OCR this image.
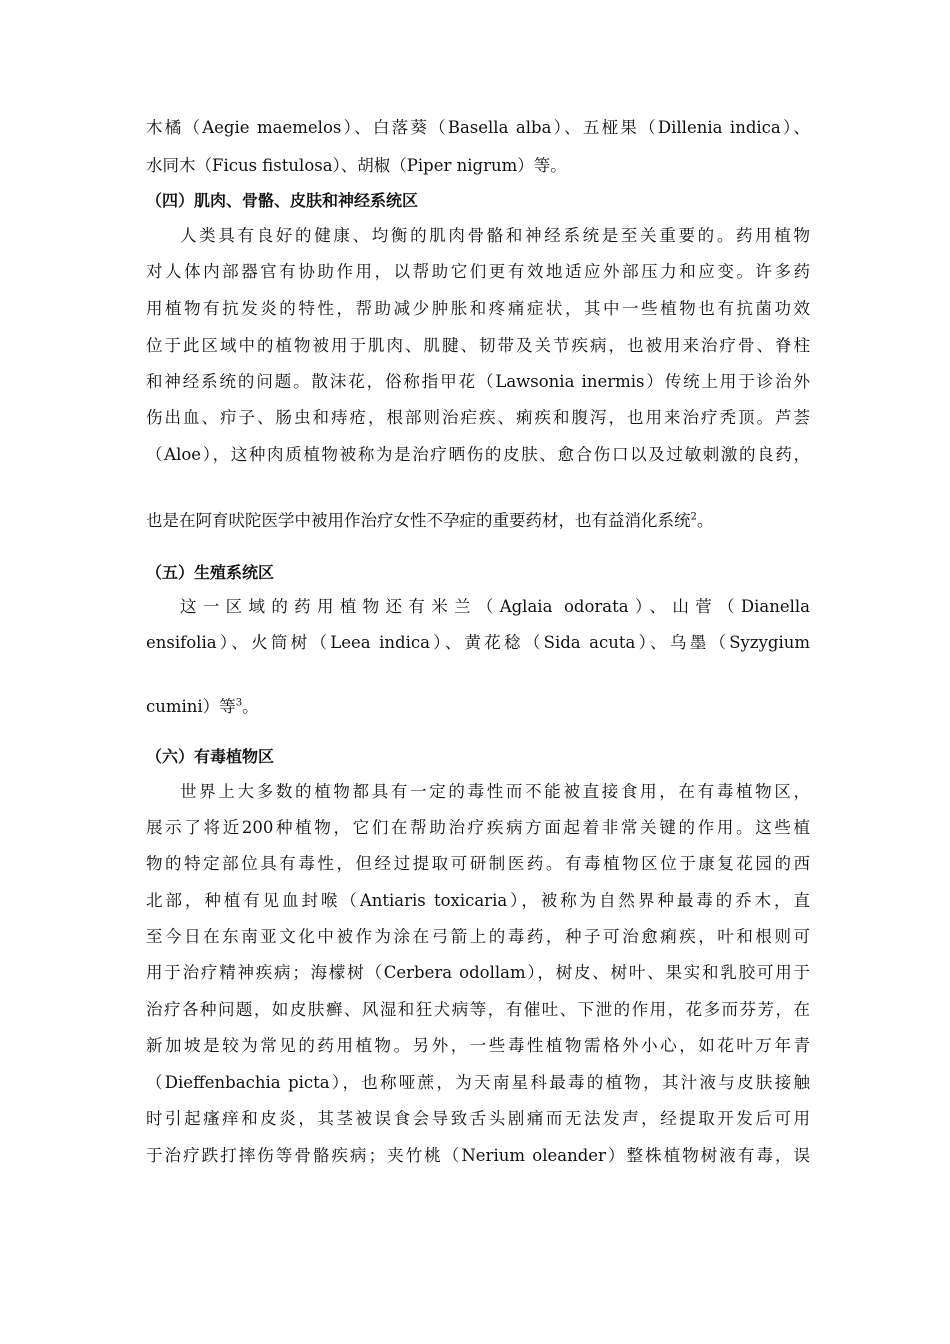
木橘（Aegie maemelos）、白落葵（Basella alba）、五桠果（Dillenia indica）、
水同木（Ficus fistulosa）、胡椒（Piper nigrum）等。
（四）肌肉、骨骼、皮肤和神经系统区
人类具有良好的健康、均衡的肌肉骨骼和神经系统是至关重要的。药用植物
对人体内部器官有协助作用，以帮助它们更有效地适应外部压力和应变。许多药
用植物有抗发炎的特性，帮助减少肿胀和疼痛症状，其中一些植物也有抗菌功效
位于此区域中的植物被用于肌肉、肌腱、韧带及关节疾病，也被用来治疗骨、脊柱
和神经系统的问题。散沫花，俗称指甲花（Lawsonia inermis）传统上用于诊治外
伤出血、疖子、肠虫和痔疮，根部则治疟疾、痢疾和腹泻，也用来治疗秃顶。芦荟
（Aloe），这种肉质植物被称为是治疗晒伤的皮肤、愈合伤口以及过敏刺激的良药，
也是在阿育吠陀医学中被用作治疗女性不孕症的重要药材，也有益消化系统$^2$。
（五）生殖系统区
这一区域的药用植物还有米兰（Aglaia odorata）、山菅（Dianella
ensifolia）、火筒树（Leea indica）、黄花稔（Sida acuta）、乌墨（Syzygium
cumini）等$^3$。
（六）有毒植物区
世界上大多数的植物都具有一定的毒性而不能被直接食用，在有毒植物区，
展示了将近200种植物，它们在帮助治疗疾病方面起着非常关键的作用。这些植
物的特定部位具有毒性，但经过提取可研制医药。有毒植物区位于康复花园的西
北部，种植有见血封喉（Antiaris toxicaria），被称为自然界种最毒的乔木，直
至今日在东南亚文化中被作为涂在弓箭上的毒药，种子可治愈痢疾，叶和根则可
用于治疗精神疾病；海檬树（Cerbera odollam），树皮、树叶、果实和乳胶可用于
治疗各种问题，如皮肤癣、风湿和狂犬病等，有催吐、下泄的作用，花多而芬芳，在
新加坡是较为常见的药用植物。另外，一些毒性植物需格外小心，如花叶万年青
（Dieffenbachia picta），也称哑蔗，为天南星科最毒的植物，其汁液与皮肤接触
时引起瘙痒和皮炎，其茎被误食会导致舌头剧痛而无法发声，经提取开发后可用
于治疗跌打摔伤等骨骼疾病；夹竹桃（Nerium oleander）整株植物树液有毒，误
